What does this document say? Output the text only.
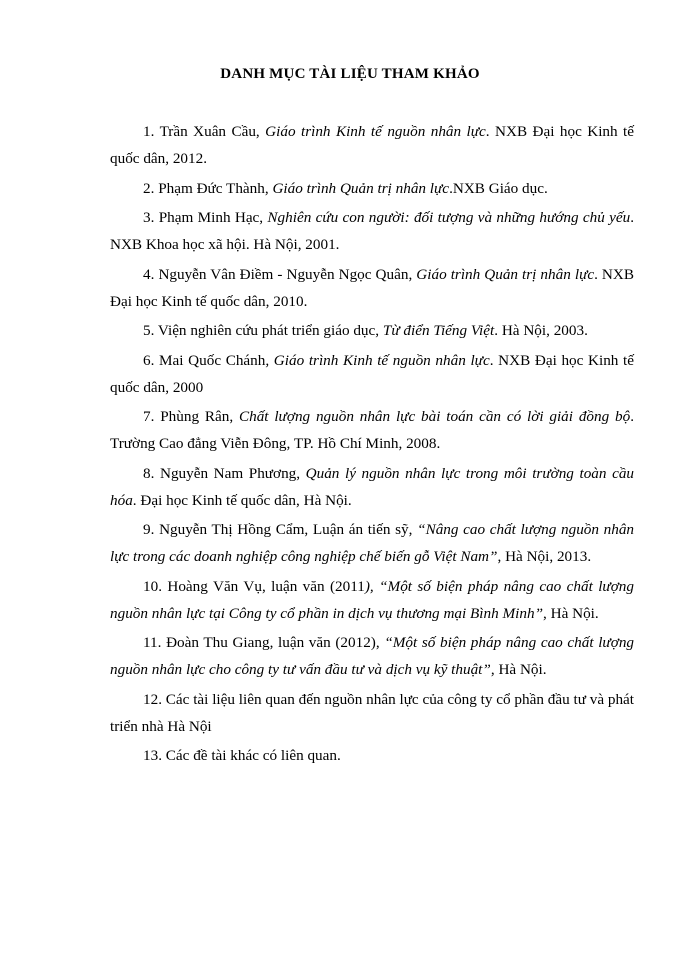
DANH MỤC TÀI LIỆU THAM KHẢO
1. Trần Xuân Cầu, Giáo trình Kinh tế nguồn nhân lực. NXB Đại học Kinh tế quốc dân, 2012.
2. Phạm Đức Thành, Giáo trình Quản trị nhân lực.NXB Giáo dục.
3. Phạm Minh Hạc, Nghiên cứu con người: đối tượng và những hướng chủ yếu. NXB Khoa học xã hội. Hà Nội, 2001.
4. Nguyễn Vân Điềm - Nguyễn Ngọc Quân, Giáo trình Quản trị nhân lực. NXB Đại học Kinh tế quốc dân, 2010.
5. Viện nghiên cứu phát triển giáo dục, Từ điển Tiếng Việt. Hà Nội, 2003.
6. Mai Quốc Chánh, Giáo trình Kinh tế nguồn nhân lực. NXB Đại học Kinh tế quốc dân, 2000
7. Phùng Rân, Chất lượng nguồn nhân lực bài toán cần có lời giải đồng bộ. Trường Cao đẳng Viễn Đông, TP. Hồ Chí Minh, 2008.
8. Nguyễn Nam Phương, Quản lý nguồn nhân lực trong môi trường toàn cầu hóa. Đại học Kinh tế quốc dân, Hà Nội.
9. Nguyễn Thị Hồng Cẩm, Luận án tiến sỹ, “Nâng cao chất lượng nguồn nhân lực trong các doanh nghiệp công nghiệp chế biến gỗ Việt Nam”, Hà Nội, 2013.
10. Hoàng Văn Vụ, luận văn (2011), “Một số biện pháp nâng cao chất lượng nguồn nhân lực tại Công ty cổ phần in dịch vụ thương mại Bình Minh”, Hà Nội.
11. Đoàn Thu Giang, luận văn (2012), “Một số biện pháp nâng cao chất lượng nguồn nhân lực cho công ty tư vấn đầu tư và dịch vụ kỹ thuật”, Hà Nội.
12. Các tài liệu liên quan đến nguồn nhân lực của công ty cổ phần đầu tư và phát triển nhà Hà Nội
13. Các đề tài khác có liên quan.
